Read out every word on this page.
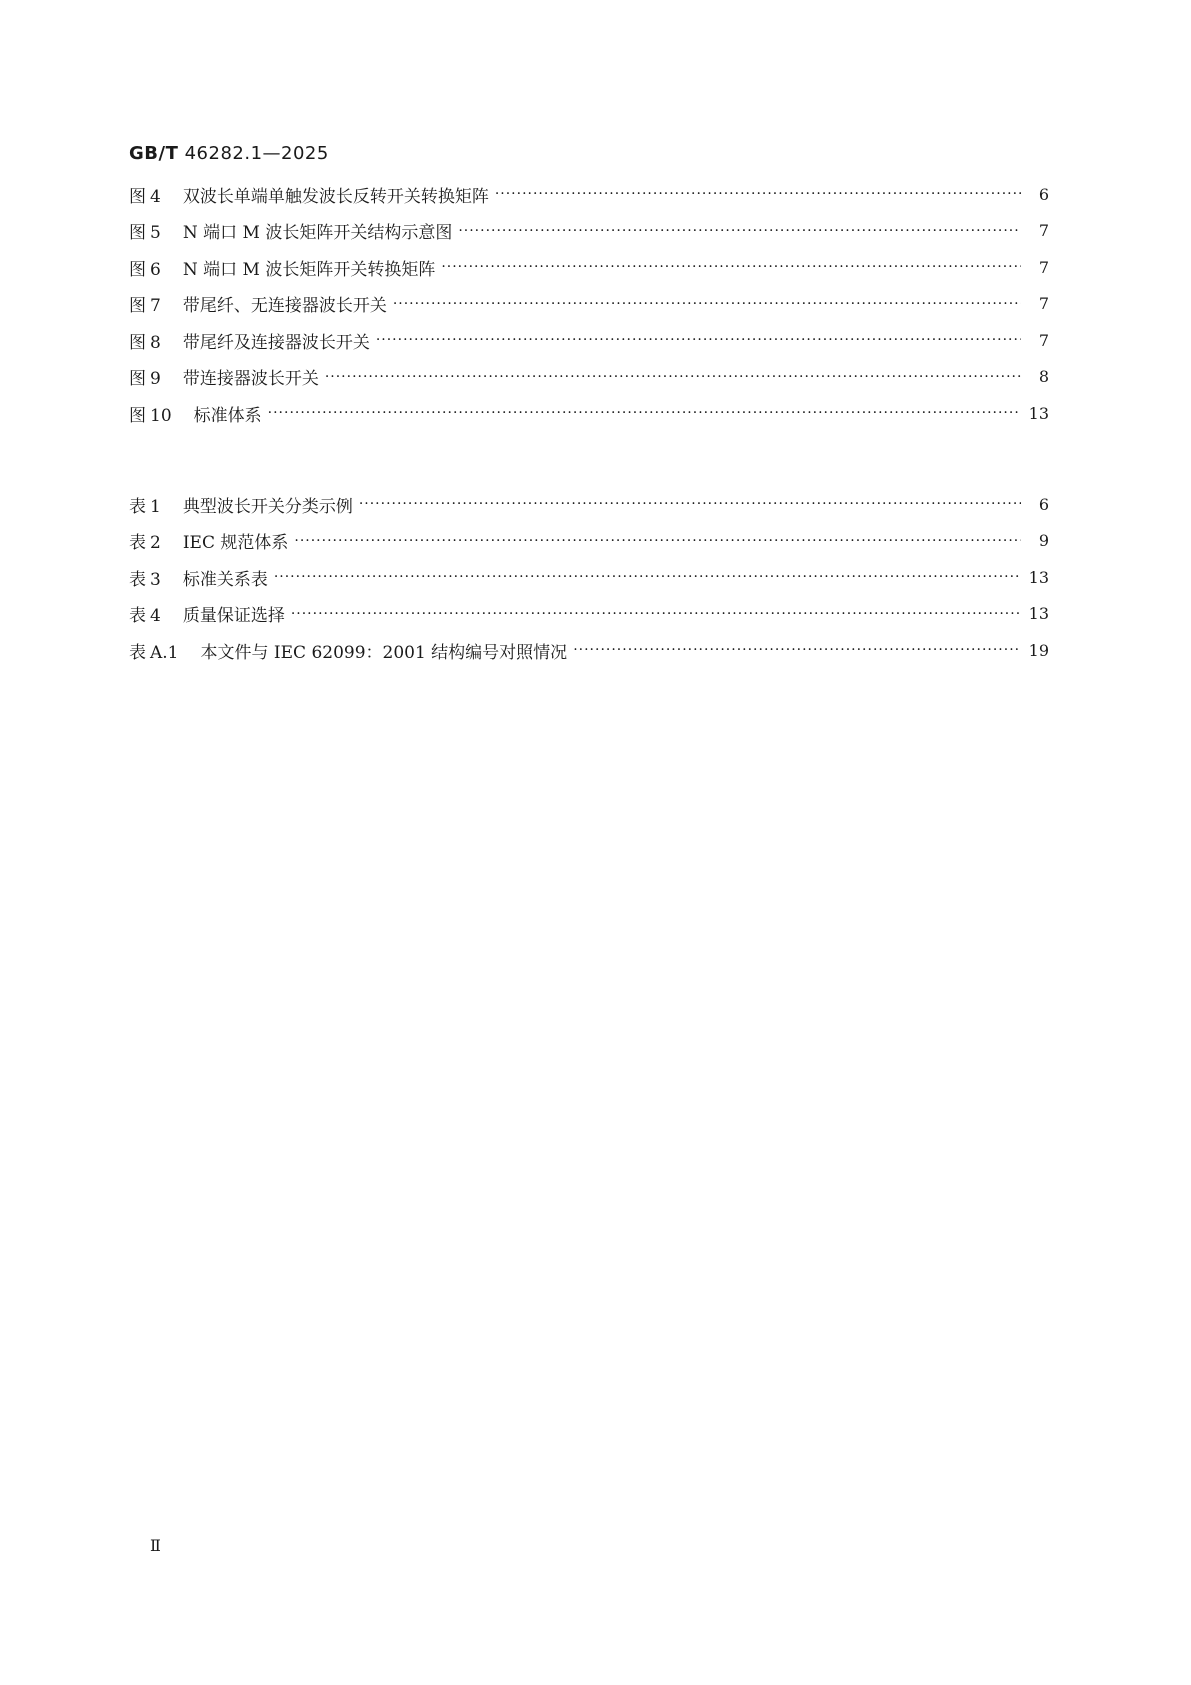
GB/T 46282.1—2025
图 4 双波长单端单触发波长反转开关转换矩阵 ·····	6
图 5 N 端口 M 波长矩阵开关结构示意图 ·····	7
图 6 N 端口 M 波长矩阵开关转换矩阵 ·····	7
图 7 带尾纤、无连接器波长开关 ·····	7
图 8 带尾纤及连接器波长开关 ·····	7
图 9 带连接器波长开关 ·····	8
图 10 标准体系 ·····	13
表 1 典型波长开关分类示例 ·····	6
表 2 IEC 规范体系 ·····	9
表 3 标准关系表 ·····	13
表 4 质量保证选择 ·····	13
表 A.1 本文件与 IEC 62099：2001 结构编号对照情况 ·····	19
Ⅱ
